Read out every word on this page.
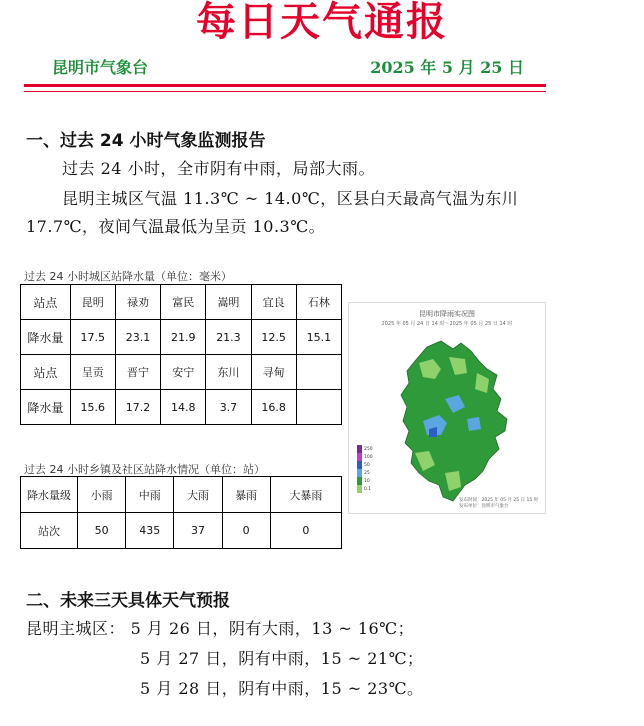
每日天气通报
昆明市气象台	2025 年 5 月 25 日
一、过去 24 小时气象监测报告
过去 24 小时，全市阴有中雨，局部大雨。
昆明主城区气温 11.3℃ ~ 14.0℃，区县白天最高气温为东川
17.7℃，夜间气温最低为呈贡 10.3℃。
过去 24 小时城区站降水量（单位：毫米）
站点	昆明	禄劝	富民	嵩明	宜良	石林
降水量	17.5	23.1	21.9	21.3	12.5	15.1
站点	呈贡	晋宁	安宁	东川	寻甸	
降水量	15.6	17.2	14.8	3.7	16.8	
过去 24 小时乡镇及社区站降水情况（单位：站）
降水量级	小雨	中雨	大雨	暴雨	大暴雨
站次	50	435	37	0	0
昆明市降雨实况图
2025 年 05 月 24 日 14 时～2025 年 05 月 25 日 14 时
250
100
50
25
10
0.1
发布时间：2025 年 05 月 25 日 15 时
发布单位：昆明市气象台
二、未来三天具体天气预报
昆明主城区： 5 月 26 日，阴有大雨，13 ~ 16℃；
5 月 27 日，阴有中雨，15 ~ 21℃；
5 月 28 日，阴有中雨，15 ~ 23℃。
